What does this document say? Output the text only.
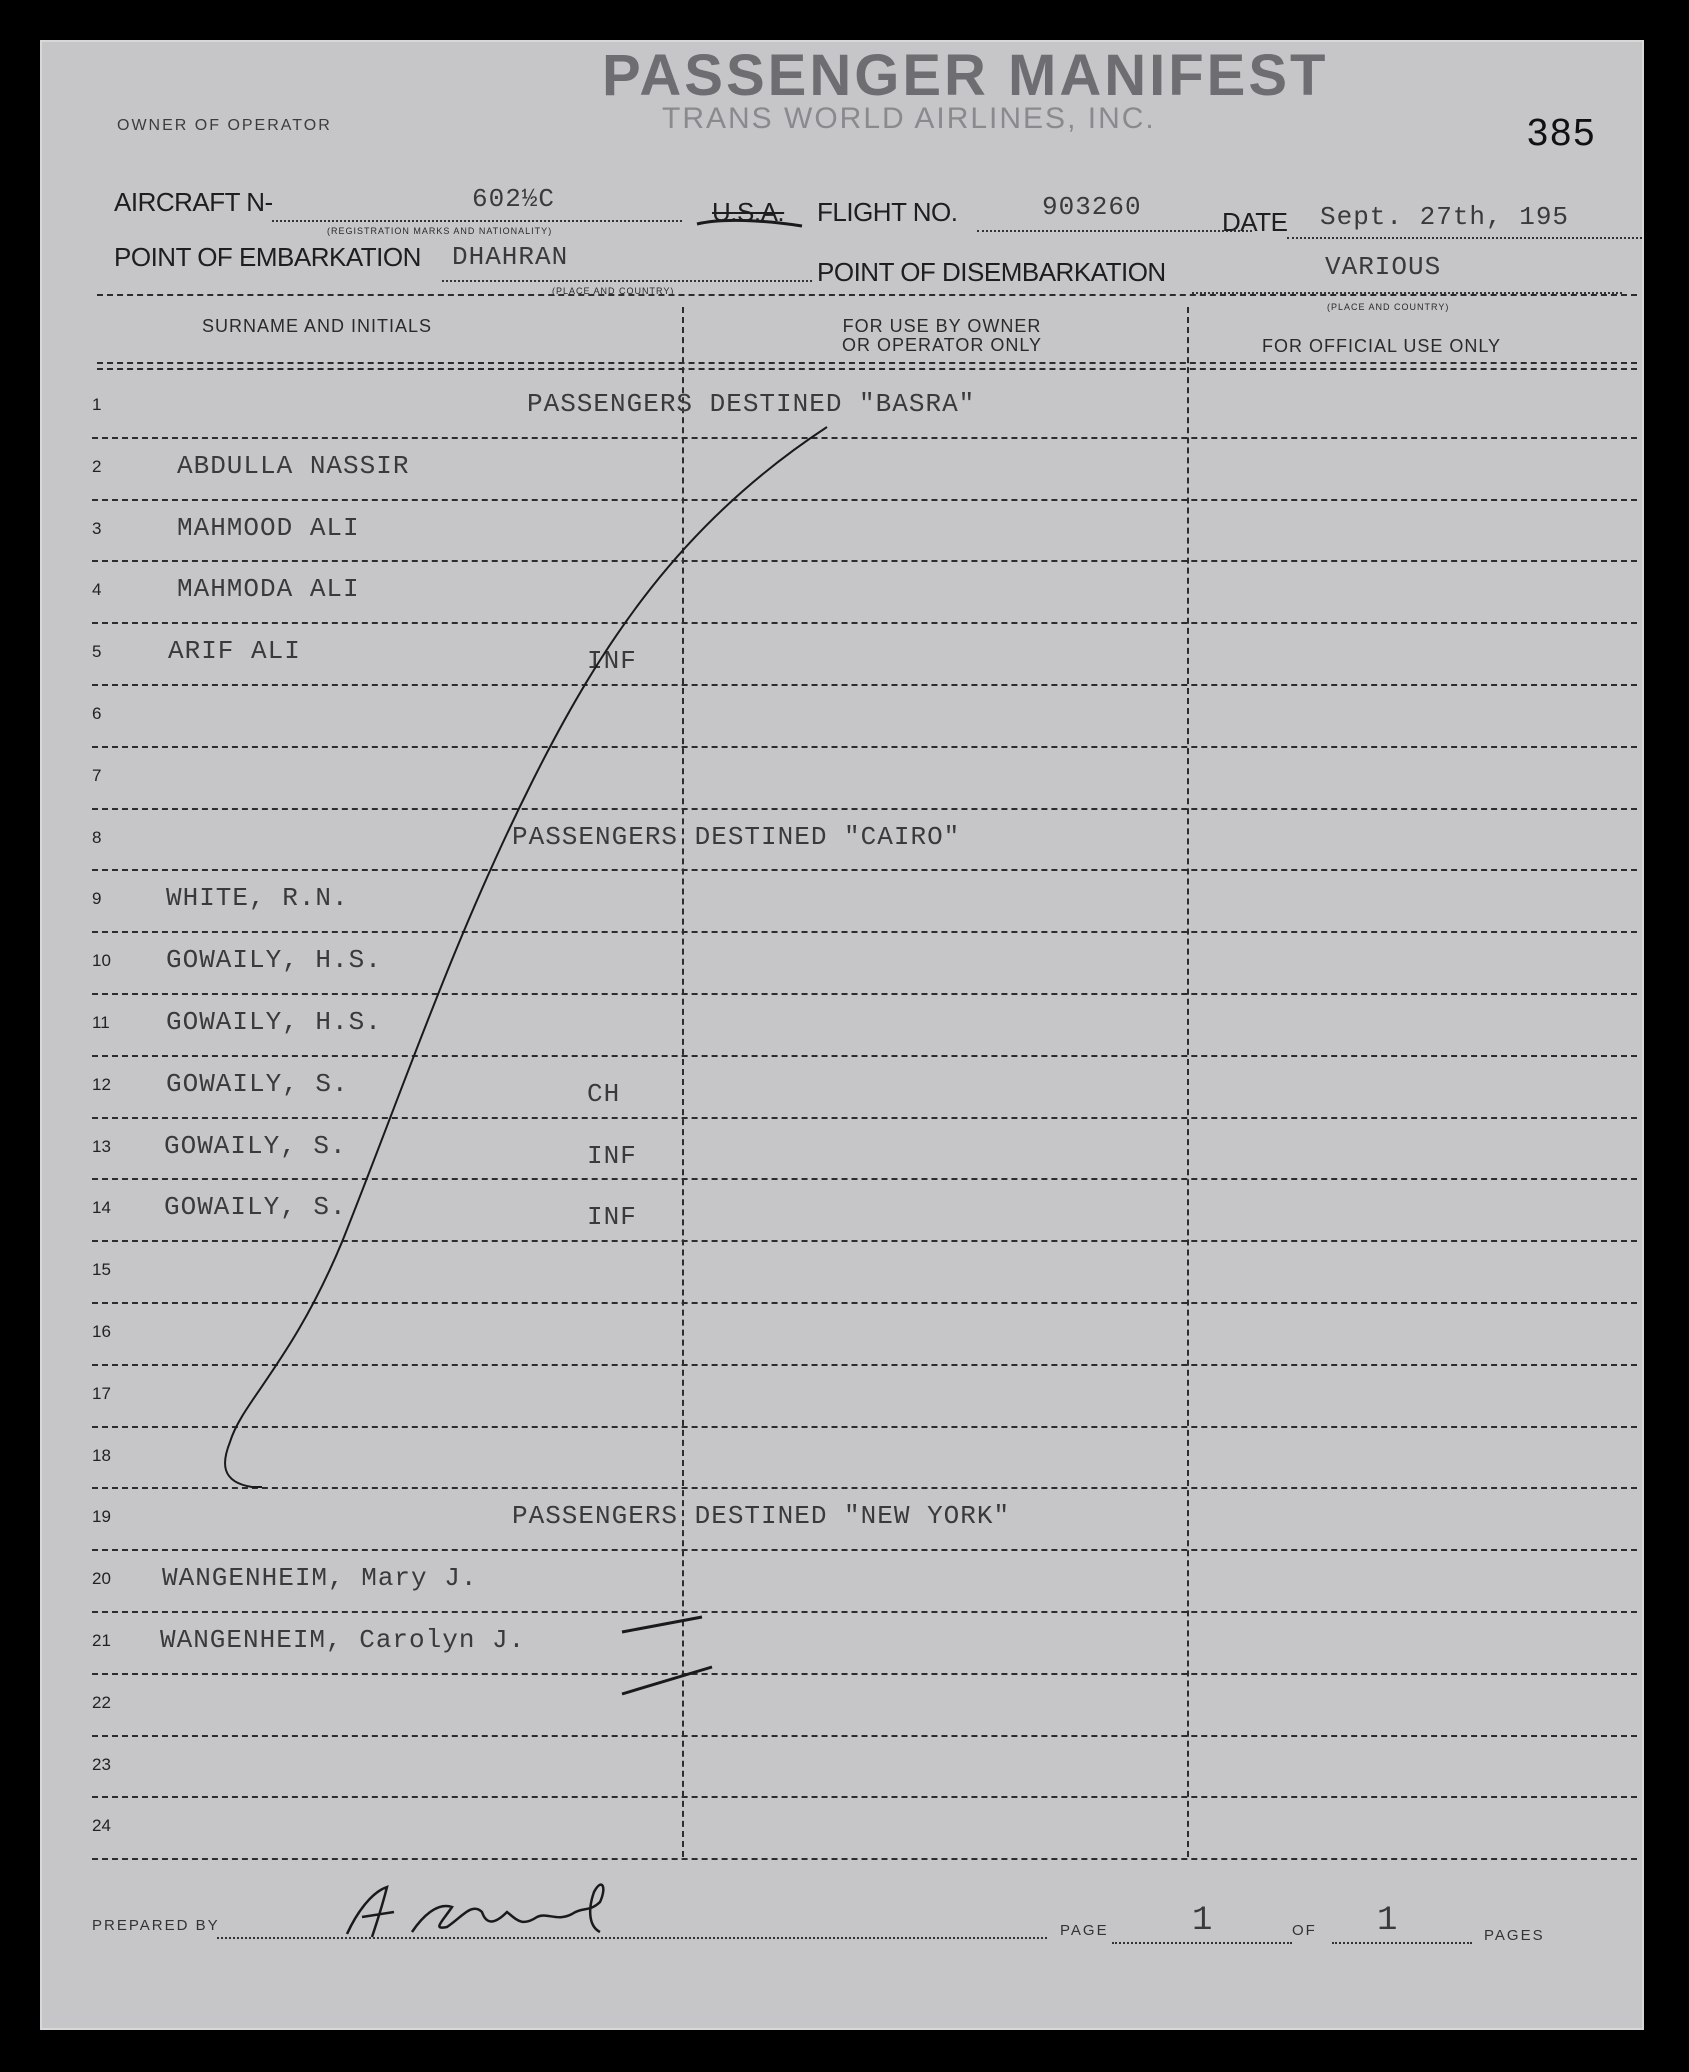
PASSENGER MANIFEST
TRANS WORLD AIRLINES, INC.
OWNER OF OPERATOR	385
AIRCRAFT N-	602½C
(REGISTRATION MARKS AND NATIONALITY)
U.S.A. FLIGHT NO.	903260	DATE Sept. 27th, 195
POINT OF EMBARKATION DHAHRAN
(PLACE AND COUNTRY)
POINT OF DISEMBARKATION	VARIOUS
(PLACE AND COUNTRY)
SURNAME AND INITIALS	FOR USE BY OWNER
OR OPERATOR ONLY	FOR OFFICIAL USE ONLY
1	PASSENGERS DESTINED "BASRA"
2	ABDULLA NASSIR
3	MAHMOOD ALI
4	MAHMODA ALI
5	ARIF ALI	INF
6
7
8	PASSENGERS DESTINED "CAIRO"
9 WHITE, R.N.
10 GOWAILY, H.S.
11 GOWAILY, H.S.
12 GOWAILY, S.	CH
13 GOWAILY, S.	INF
14 GOWAILY, S.	INF
15
16
17
18
19	PASSENGERS DESTINED "NEW YORK"
20 WANGENHEIM, Mary J.
21 WANGENHEIM, Carolyn J.
22
23
24
PREPARED BY	PAGE 1	OF 1	PAGES
